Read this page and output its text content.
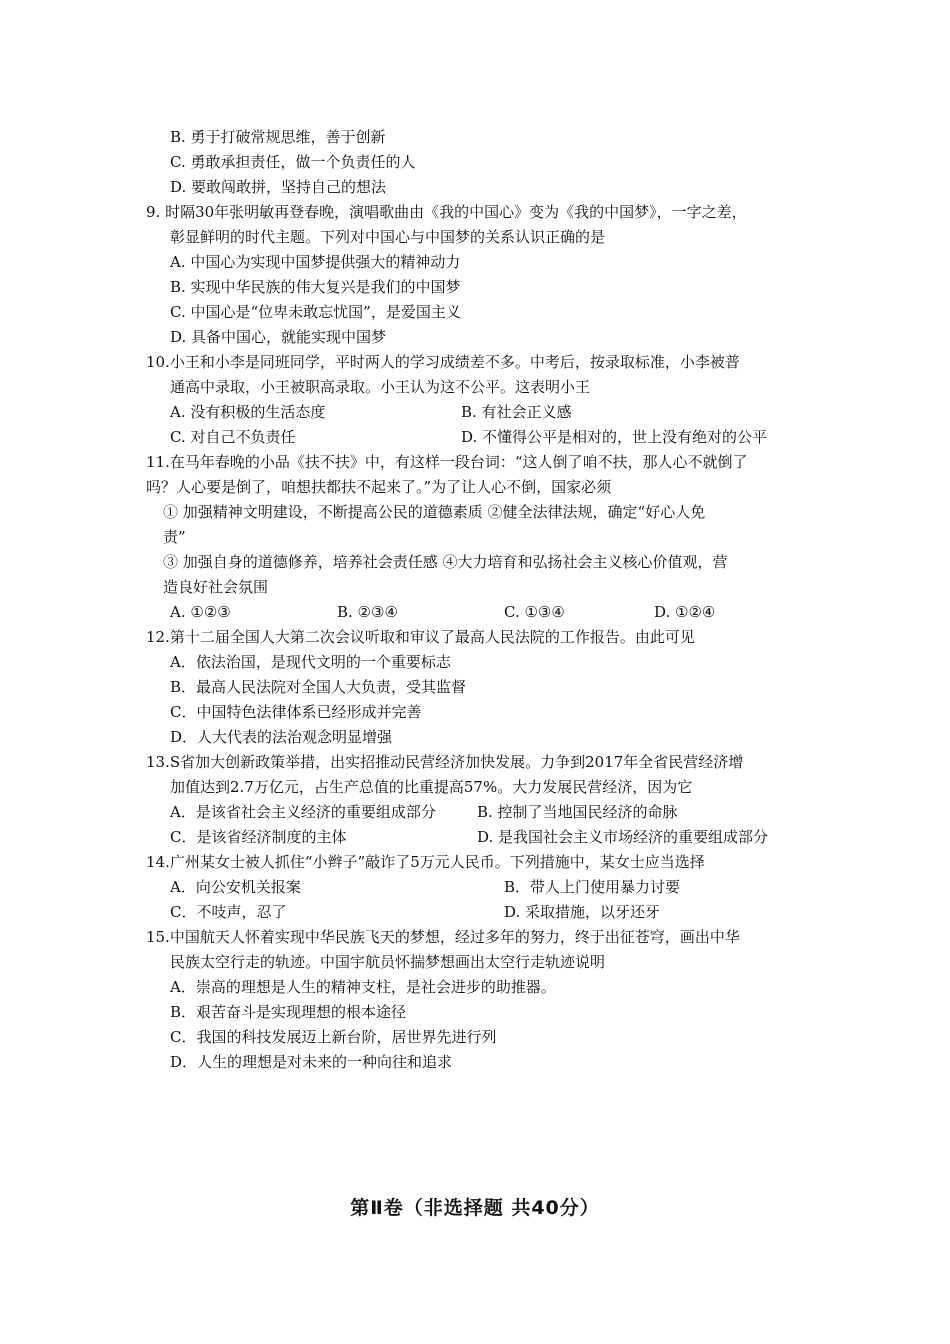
B. 勇于打破常规思维，善于创新
C. 勇敢承担责任，做一个负责任的人
D. 要敢闯敢拼，坚持自己的想法
9. 时隔30年张明敏再登春晚，演唱歌曲由《我的中国心》变为《我的中国梦》，一字之差，
彰显鲜明的时代主题。下列对中国心与中国梦的关系认识正确的是
A. 中国心为实现中国梦提供强大的精神动力
B. 实现中华民族的伟大复兴是我们的中国梦
C. 中国心是“位卑未敢忘忧国”，是爱国主义
D. 具备中国心，就能实现中国梦
10.小王和小李是同班同学，平时两人的学习成绩差不多。中考后，按录取标准，小李被普
通高中录取，小王被职高录取。小王认为这不公平。这表明小王
A. 没有积极的生活态度	B. 有社会正义感
C. 对自己不负责任	D. 不懂得公平是相对的，世上没有绝对的公平
11.在马年春晚的小品《扶不扶》中，有这样一段台词：“这人倒了咱不扶，那人心不就倒了
吗？人心要是倒了，咱想扶都扶不起来了。”为了让人心不倒，国家必须
① 加强精神文明建设，不断提高公民的道德素质 ②健全法律法规，确定“好心人免
责”
③ 加强自身的道德修养，培养社会责任感 ④大力培育和弘扬社会主义核心价值观，营
造良好社会氛围
A. ①②③	B. ②③④	C. ①③④	D. ①②④
12.第十二届全国人大第二次会议听取和审议了最高人民法院的工作报告。由此可见
A．依法治国，是现代文明的一个重要标志
B．最高人民法院对全国人大负责，受其监督
C．中国特色法律体系已经形成并完善
D．人大代表的法治观念明显增强
13.S省加大创新政策举措，出实招推动民营经济加快发展。力争到2017年全省民营经济增
加值达到2.7万亿元，占生产总值的比重提高57%。大力发展民营经济，因为它
A．是该省社会主义经济的重要组成部分	B. 控制了当地国民经济的命脉
C．是该省经济制度的主体	D. 是我国社会主义市场经济的重要组成部分
14.广州某女士被人抓住“小辫子”敲诈了5万元人民币。下列措施中，某女士应当选择
A．向公安机关报案	B．带人上门使用暴力讨要
C．不吱声，忍了	D. 采取措施，以牙还牙
15.中国航天人怀着实现中华民族飞天的梦想，经过多年的努力，终于出征苍穹，画出中华
民族太空行走的轨迹。中国宇航员怀揣梦想画出太空行走轨迹说明
A．崇高的理想是人生的精神支柱，是社会进步的助推器。
B．艰苦奋斗是实现理想的根本途径
C．我国的科技发展迈上新台阶，居世界先进行列
D．人生的理想是对未来的一种向往和追求
第Ⅱ卷（非选择题 共40分）
